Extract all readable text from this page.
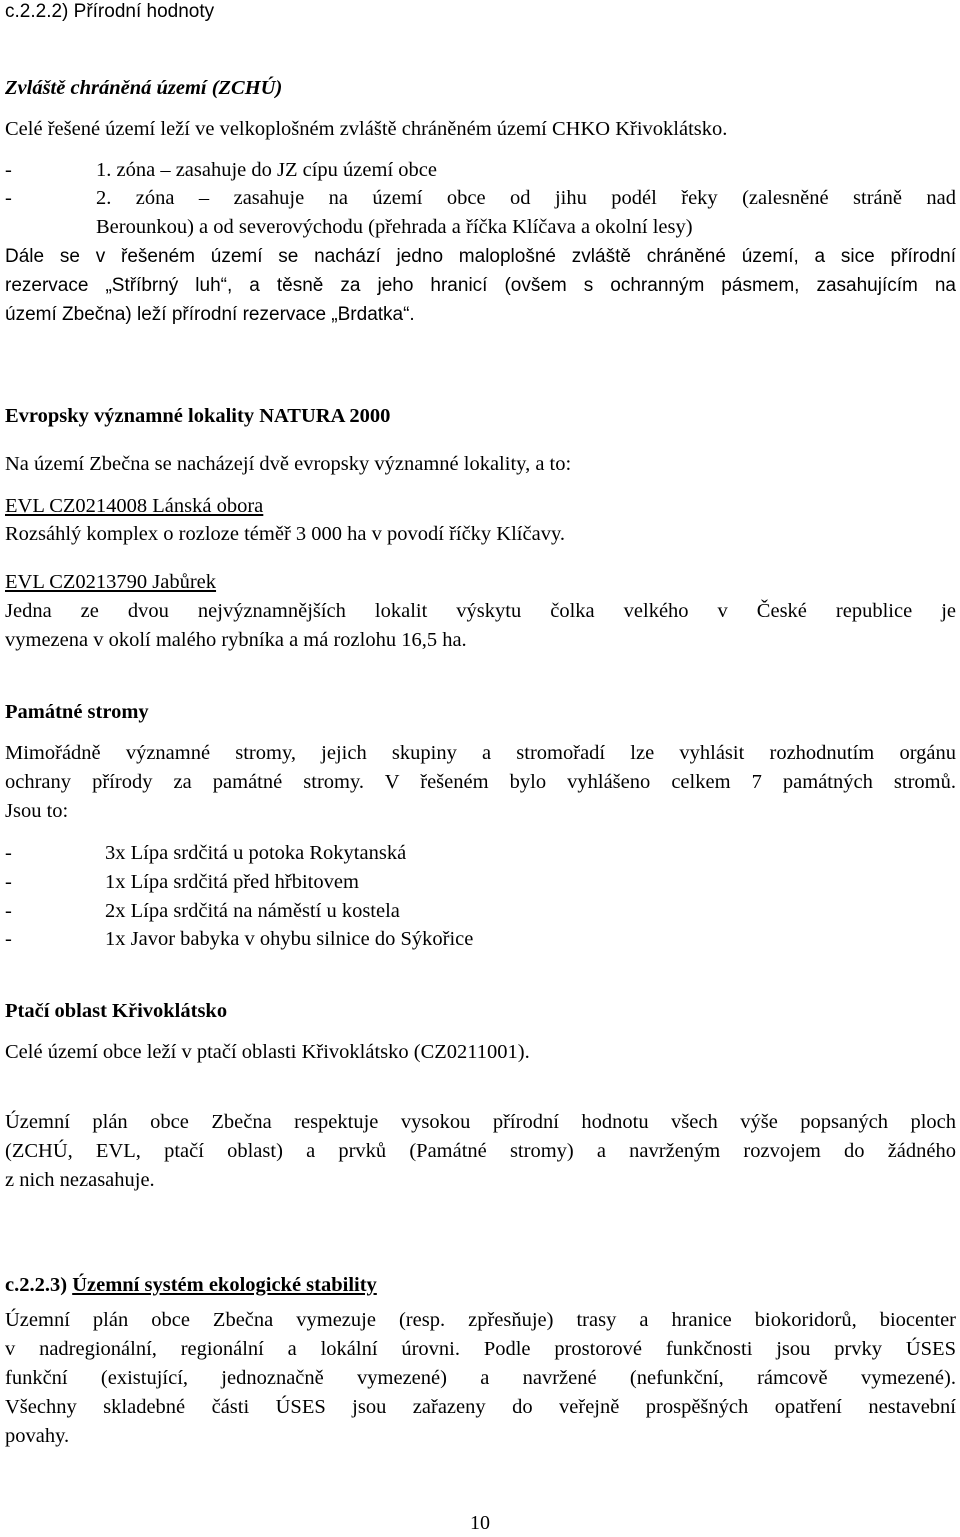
c.2.2.2) Přírodní hodnoty
Zvláště chráněná území (ZCHÚ)
Celé řešené území leží ve velkoplošném zvláště chráněném území CHKO Křivoklátsko.
-	1. zóna – zasahuje do JZ cípu území obce
-	2. zóna – zasahuje na území obce od jihu podél řeky (zalesněné stráně nad
Berounkou) a od severovýchodu (přehrada a říčka Klíčava a okolní lesy)
Dále se v řešeném území se nachází jedno maloplošné zvláště chráněné území, a sice přírodní
rezervace „Stříbrný luh“, a těsně za jeho hranicí (ovšem s ochranným pásmem, zasahujícím na
území Zbečna) leží přírodní rezervace „Brdatka“.
Evropsky významné lokality NATURA 2000
Na území Zbečna se nacházejí dvě evropsky významné lokality, a to:
EVL CZ0214008 Lánská obora
Rozsáhlý komplex o rozloze téměř 3 000 ha v povodí říčky Klíčavy.
EVL CZ0213790 Jabůrek
Jedna ze dvou nejvýznamnějších lokalit výskytu čolka velkého v České republice je
vymezena v okolí malého rybníka a má rozlohu 16,5 ha.
Památné stromy
Mimořádně významné stromy, jejich skupiny a stromořadí lze vyhlásit rozhodnutím orgánu
ochrany přírody za památné stromy. V řešeném bylo vyhlášeno celkem 7 památných stromů.
Jsou to:
-	3x Lípa srdčitá u potoka Rokytanská
-	1x Lípa srdčitá před hřbitovem
-	2x Lípa srdčitá na náměstí u kostela
-	1x Javor babyka v ohybu silnice do Sýkořice
Ptačí oblast Křivoklátsko
Celé území obce leží v ptačí oblasti Křivoklátsko (CZ0211001).
Územní plán obce Zbečna respektuje vysokou přírodní hodnotu všech výše popsaných ploch
(ZCHÚ, EVL, ptačí oblast) a prvků (Památné stromy) a navrženým rozvojem do žádného
z nich nezasahuje.
c.2.2.3) Územní systém ekologické stability
Územní plán obce Zbečna vymezuje (resp. zpřesňuje) trasy a hranice biokoridorů, biocenter
v nadregionální, regionální a lokální úrovni. Podle prostorové funkčnosti jsou prvky ÚSES
funkční (existující, jednoznačně vymezené) a navržené (nefunkční, rámcově vymezené).
Všechny skladebné části ÚSES jsou zařazeny do veřejně prospěšných opatření nestavební
povahy.
10
